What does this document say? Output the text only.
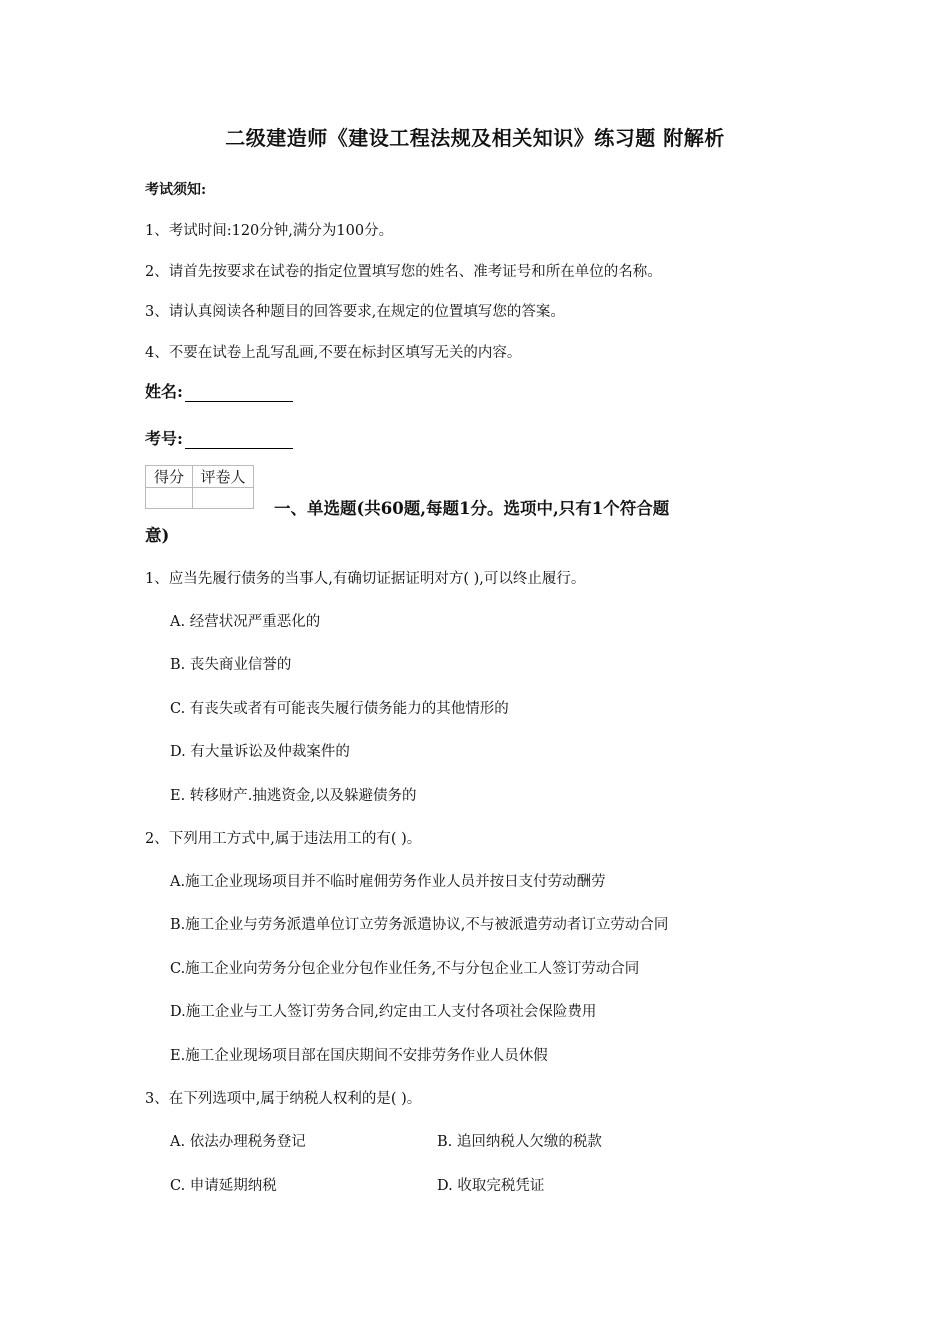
二级建造师《建设工程法规及相关知识》练习题 附解析
考试须知:
1、考试时间:120分钟,满分为100分。
2、请首先按要求在试卷的指定位置填写您的姓名、准考证号和所在单位的名称。
3、请认真阅读各种题目的回答要求,在规定的位置填写您的答案。
4、不要在试卷上乱写乱画,不要在标封区填写无关的内容。
姓名:
考号:
得分	评卷人

一、单选题(共60题,每题1分。选项中,只有1个符合题
意)
1、应当先履行债务的当事人,有确切证据证明对方( ),可以终止履行。
A. 经营状况严重恶化的
B. 丧失商业信誉的
C. 有丧失或者有可能丧失履行债务能力的其他情形的
D. 有大量诉讼及仲裁案件的
E. 转移财产.抽逃资金,以及躲避债务的
2、下列用工方式中,属于违法用工的有( )。
A.施工企业现场项目并不临时雇佣劳务作业人员并按日支付劳动酬劳
B.施工企业与劳务派遣单位订立劳务派遣协议,不与被派遣劳动者订立劳动合同
C.施工企业向劳务分包企业分包作业任务,不与分包企业工人签订劳动合同
D.施工企业与工人签订劳务合同,约定由工人支付各项社会保险费用
E.施工企业现场项目部在国庆期间不安排劳务作业人员休假
3、在下列选项中,属于纳税人权利的是( )。
A. 依法办理税务登记	B. 追回纳税人欠缴的税款
C. 申请延期纳税	D. 收取完税凭证
